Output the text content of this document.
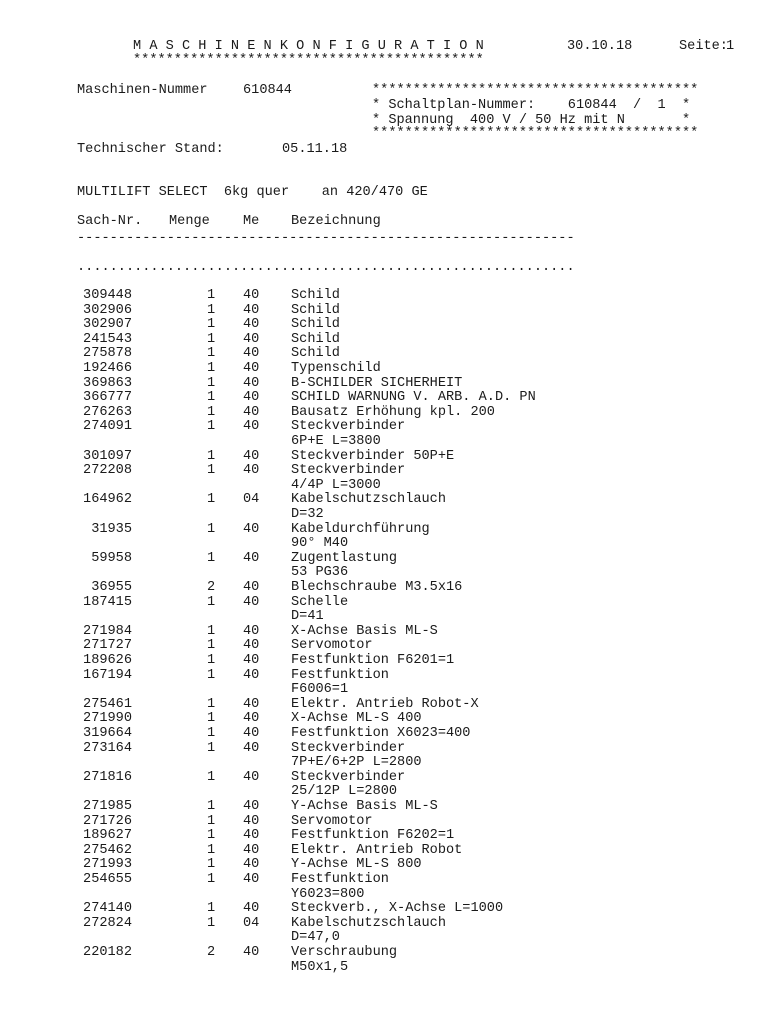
M A S C H I N E N K O N F I G U R A T I O N	30.10.18	Seite:
1
*******************************************
Maschinen-Nummer	610844	****************************************
* Schaltplan-Nummer:    610844  /  1  *
* Spannung  400 V / 50 Hz mit N       *
****************************************
Technischer Stand:	05.11.18
MULTILIFT SELECT  6kg quer    an 420/470 GE
Sach-Nr. Menge Me Bezeichnung
-------------------------------------------------------------
.............................................................
309448	1 40 Schild
302906	1 40 Schild
302907	1 40 Schild
241543	1 40 Schild
275878	1 40 Schild
192466	1 40 Typenschild
369863	1 40 B-SCHILDER SICHERHEIT
366777	1 40 SCHILD WARNUNG V. ARB. A.D. PN
276263	1 40 Bausatz Erhöhung kpl. 200
274091	1 40 Steckverbinder
6P+E L=3800
301097	1 40 Steckverbinder 50P+E
272208	1 40 Steckverbinder
4/4P L=3000
164962	1 04 Kabelschutzschlauch
D=32
31935	1 40 Kabeldurchführung
90° M40
59958	1 40 Zugentlastung
53 PG36
36955	2 40 Blechschraube M3.5x16
187415	1 40 Schelle
D=41
271984	1 40 X-Achse Basis ML-S
271727	1 40 Servomotor
189626	1 40 Festfunktion F6201=1
167194	1 40 Festfunktion
F6006=1
275461	1 40 Elektr. Antrieb Robot-X
271990	1 40 X-Achse ML-S 400
319664	1 40 Festfunktion X6023=400
273164	1 40 Steckverbinder
7P+E/6+2P L=2800
271816	1 40 Steckverbinder
25/12P L=2800
271985	1 40 Y-Achse Basis ML-S
271726	1 40 Servomotor
189627	1 40 Festfunktion F6202=1
275462	1 40 Elektr. Antrieb Robot
271993	1 40 Y-Achse ML-S 800
254655	1 40 Festfunktion
Y6023=800
274140	1 40 Steckverb., X-Achse L=1000
272824	1 04 Kabelschutzschlauch
D=47,0
220182	2 40 Verschraubung
M50x1,5
